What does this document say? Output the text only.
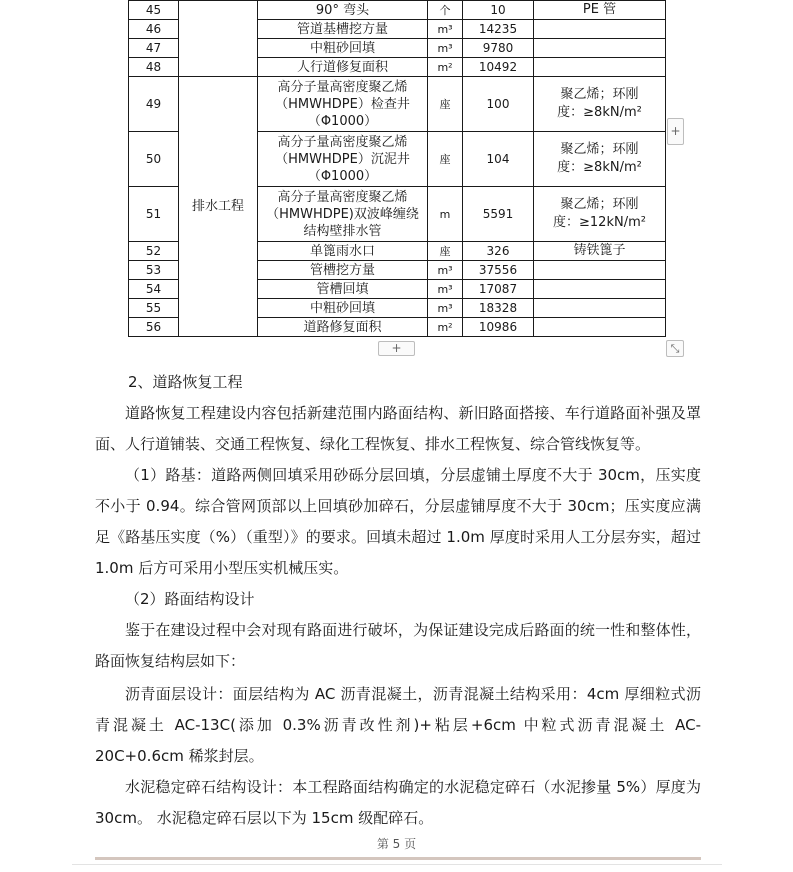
45		90° 弯头	个	10	PE 管
46		管道基槽挖方量	m³	14235	
47		中粗砂回填	m³	9780	
48		人行道修复面积	m²	10492	
49	排水工程	高分子量高密度聚乙烯（HMWHDPE）检查井（Φ1000）	座	100	聚乙烯；环刚度：≥8kN/m²
50		高分子量高密度聚乙烯（HMWHDPE）沉泥井（Φ1000）	座	104	聚乙烯；环刚度：≥8kN/m²
51		高分子量高密度聚乙烯（HMWHDPE)双波峰缠绕结构壁排水管	m	5591	聚乙烯；环刚度：≥12kN/m²
52		单篦雨水口	座	326	铸铁篦子
53		管槽挖方量	m³	37556	
54		管槽回填	m³	17087	
55		中粗砂回填	m³	18328	
56		道路修复面积	m²	10986	
+
+	⤡
2、道路恢复工程
道路恢复工程建设内容包括新建范围内路面结构、新旧路面搭接、车行道路面补强及罩面、人行道铺装、交通工程恢复、绿化工程恢复、排水工程恢复、综合管线恢复等。
（1）路基：道路两侧回填采用砂砾分层回填，分层虚铺土厚度不大于 30cm，压实度不小于 0.94。综合管网顶部以上回填砂加碎石，分层虚铺厚度不大于 30cm；压实度应满足《路基压实度（%）（重型）》的要求。回填未超过 1.0m 厚度时采用人工分层夯实，超过 1.0m 后方可采用小型压实机械压实。
（2）路面结构设计
鉴于在建设过程中会对现有路面进行破坏，为保证建设完成后路面的统一性和整体性，路面恢复结构层如下：
沥青面层设计：面层结构为 AC 沥青混凝土，沥青混凝土结构采用：4cm 厚细粒式沥青混凝土 AC-13C(添加 0.3%沥青改性剂)+粘层+6cm 中粒式沥青混凝土 AC-20C+0.6cm 稀浆封层。
水泥稳定碎石结构设计：本工程路面结构确定的水泥稳定碎石（水泥掺量 5%）厚度为 30cm。 水泥稳定碎石层以下为 15cm 级配碎石。
第 5 页
